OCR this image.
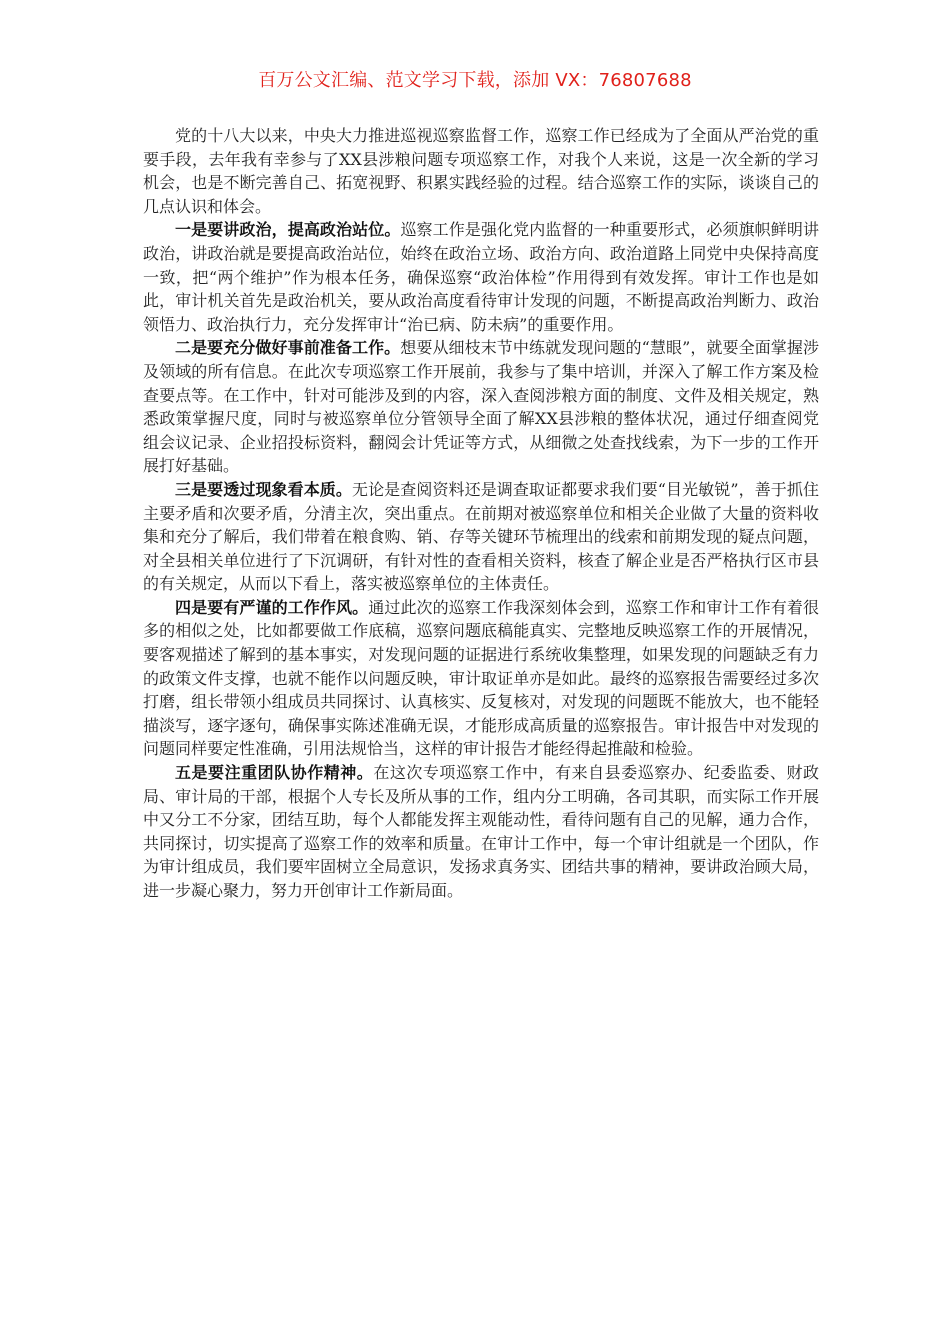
百万公文汇编、范文学习下载，添加 VX：76807688

党的十八大以来，中央大力推进巡视巡察监督工作，巡察工作已经成为了全面从严治党的重要手段，去年我有幸参与了XX县涉粮问题专项巡察工作，对我个人来说，这是一次全新的学习机会，也是不断完善自己、拓宽视野、积累实践经验的过程。结合巡察工作的实际，谈谈自己的几点认识和体会。

一是要讲政治，提高政治站位。巡察工作是强化党内监督的一种重要形式，必须旗帜鲜明讲政治，讲政治就是要提高政治站位，始终在政治立场、政治方向、政治道路上同党中央保持高度一致，把“两个维护”作为根本任务，确保巡察“政治体检”作用得到有效发挥。审计工作也是如此，审计机关首先是政治机关，要从政治高度看待审计发现的问题，不断提高政治判断力、政治领悟力、政治执行力，充分发挥审计“治已病、防未病”的重要作用。

二是要充分做好事前准备工作。想要从细枝末节中练就发现问题的“慧眼”，就要全面掌握涉及领域的所有信息。在此次专项巡察工作开展前，我参与了集中培训，并深入了解工作方案及检查要点等。在工作中，针对可能涉及到的内容，深入查阅涉粮方面的制度、文件及相关规定，熟悉政策掌握尺度，同时与被巡察单位分管领导全面了解XX县涉粮的整体状况，通过仔细查阅党组会议记录、企业招投标资料，翻阅会计凭证等方式，从细微之处查找线索，为下一步的工作开展打好基础。

三是要透过现象看本质。无论是查阅资料还是调查取证都要求我们要“目光敏锐”，善于抓住主要矛盾和次要矛盾，分清主次，突出重点。在前期对被巡察单位和相关企业做了大量的资料收集和充分了解后，我们带着在粮食购、销、存等关键环节梳理出的线索和前期发现的疑点问题，对全县相关单位进行了下沉调研，有针对性的查看相关资料，核查了解企业是否严格执行区市县的有关规定，从而以下看上，落实被巡察单位的主体责任。

四是要有严谨的工作作风。通过此次的巡察工作我深刻体会到，巡察工作和审计工作有着很多的相似之处，比如都要做工作底稿，巡察问题底稿能真实、完整地反映巡察工作的开展情况，要客观描述了解到的基本事实，对发现问题的证据进行系统收集整理，如果发现的问题缺乏有力的政策文件支撑，也就不能作以问题反映，审计取证单亦是如此。最终的巡察报告需要经过多次打磨，组长带领小组成员共同探讨、认真核实、反复核对，对发现的问题既不能放大，也不能轻描淡写，逐字逐句，确保事实陈述准确无误，才能形成高质量的巡察报告。审计报告中对发现的问题同样要定性准确，引用法规恰当，这样的审计报告才能经得起推敲和检验。

五是要注重团队协作精神。在这次专项巡察工作中，有来自县委巡察办、纪委监委、财政局、审计局的干部，根据个人专长及所从事的工作，组内分工明确，各司其职，而实际工作开展中又分工不分家，团结互助，每个人都能发挥主观能动性，看待问题有自己的见解，通力合作，共同探讨，切实提高了巡察工作的效率和质量。在审计工作中，每一个审计组就是一个团队，作为审计组成员，我们要牢固树立全局意识，发扬求真务实、团结共事的精神，要讲政治顾大局，进一步凝心聚力，努力开创审计工作新局面。
